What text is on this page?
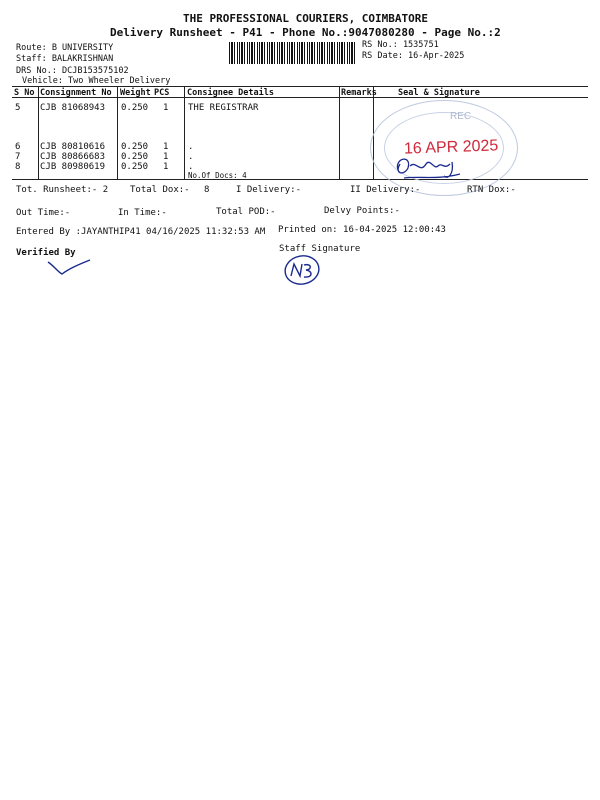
THE PROFESSIONAL COURIERS, COIMBATORE
Delivery Runsheet - P41 - Phone No.:9047080280 - Page No.:2
Route: B UNIVERSITY
Staff: BALAKRISHNAN
DRS No.: DCJB153575102
Vehicle: Two Wheeler Delivery
RS No.: 1535751
RS Date: 16-Apr-2025
S No Consignment No Weight PCS Consignee Details	Remarks Seal & Signature
REC
16 APR 2025
5 CJB 81068943 0.250 1 THE REGISTRAR
6 CJB 80810616 0.250 1 .
7 CJB 80866683 0.250 1 .
8 CJB 80980619 0.250 1 .
No.Of Docs: 4
Tot. Runsheet:- 2 Total Dox:- 8	I Delivery:-	II Delivery:-	RTN Dox:-
Out Time:-	In Time:-	Total POD:-	Delvy Points:-
Entered By :JAYANTHIP41 04/16/2025 11:32:53 AM Printed on: 16-04-2025 12:00:43
Verified By	Staff Signature
